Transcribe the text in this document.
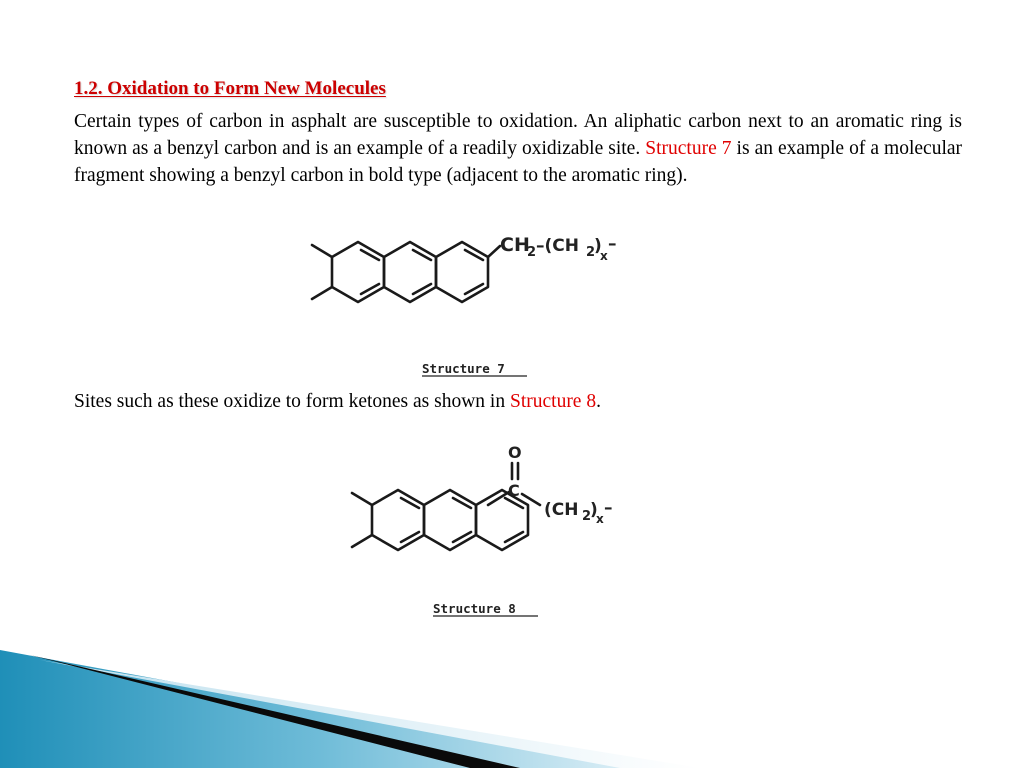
1.2. Oxidation to Form New Molecules

Certain types of carbon in asphalt are susceptible to oxidation. An aliphatic carbon next to an aromatic ring is known as a benzyl carbon and is an example of a readily oxidizable site. Structure 7 is an example of a molecular fragment showing a benzyl carbon in bold type (adjacent to the aromatic ring).

CH
2 –(CH 2
)
x
–
Structure 7

Sites such as these oxidize to form ketones as shown in Structure 8.

O
C
(CH 2
)
x
–
Structure 8
